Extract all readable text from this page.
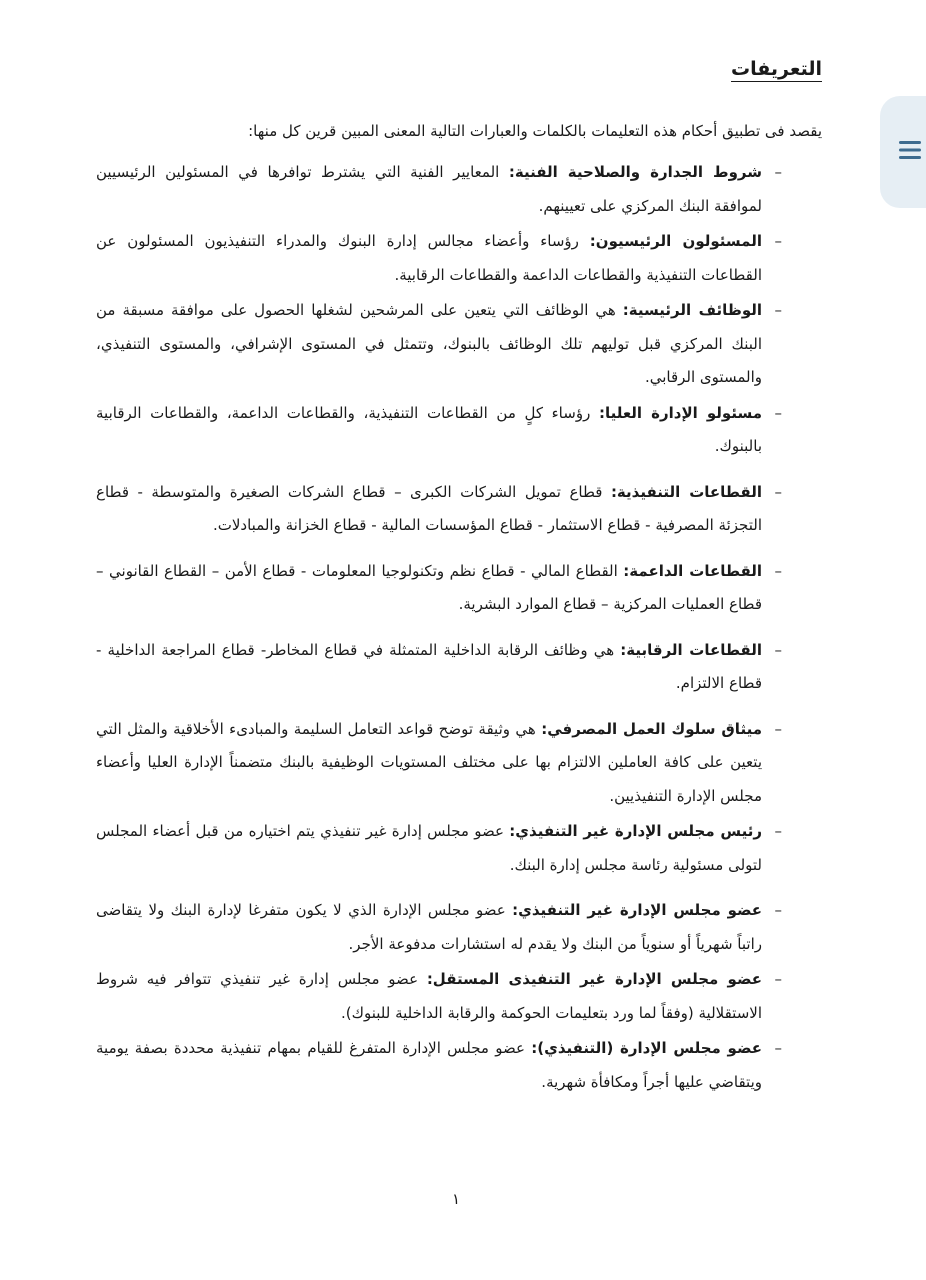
التعريفات
يقصد فى تطبيق أحكام هذه التعليمات بالكلمات والعبارات التالية المعنى المبين قرين كل منها:
–
شروط الجدارة والصلاحية الفنية: المعايير الفنية التي يشترط توافرها في المسئولين الرئيسيين لموافقة البنك المركزي على تعيينهم.
–
المسئولون الرئيسيون: رؤساء وأعضاء مجالس إدارة البنوك والمدراء التنفيذيون المسئولون عن القطاعات التنفيذية والقطاعات الداعمة والقطاعات الرقابية.
–
الوظائف الرئيسية: هي الوظائف التي يتعين على المرشحين لشغلها الحصول على موافقة مسبقة من البنك المركزي قبل توليهم تلك الوظائف بالبنوك، وتتمثل في المستوى الإشرافي، والمستوى التنفيذي، والمستوى الرقابي.
–
مسئولو الإدارة العليا: رؤساء كلٍ من القطاعات التنفيذية، والقطاعات الداعمة، والقطاعات الرقابية بالبنوك.
–
القطاعات التنفيذية: قطاع تمويل الشركات الكبرى – قطاع الشركات الصغيرة والمتوسطة - قطاع التجزئة المصرفية - قطاع الاستثمار - قطاع المؤسسات المالية - قطاع الخزانة والمبادلات.
–
القطاعات الداعمة: القطاع المالي - قطاع نظم وتكنولوجيا المعلومات - قطاع الأمن – القطاع القانوني – قطاع العمليات المركزية – قطاع الموارد البشرية.
–
القطاعات الرقابية: هي وظائف الرقابة الداخلية المتمثلة في قطاع المخاطر- قطاع المراجعة الداخلية - قطاع الالتزام.
–
ميثاق سلوك العمل المصرفي: هي وثيقة توضح قواعد التعامل السليمة والمبادىء الأخلاقية والمثل التي يتعين على كافة العاملين الالتزام بها على مختلف المستويات الوظيفية بالبنك متضمناً الإدارة العليا وأعضاء مجلس الإدارة التنفيذيين.
–
رئيس مجلس الإدارة غير التنفيذي: عضو مجلس إدارة غير تنفيذي يتم اختياره من قبل أعضاء المجلس لتولى مسئولية رئاسة مجلس إدارة البنك.
–
عضو مجلس الإدارة غير التنفيذي: عضو مجلس الإدارة الذي لا يكون متفرغا لإدارة البنك ولا يتقاضى راتباً شهرياً أو سنوياً من البنك ولا يقدم له استشارات مدفوعة الأجر.
–
عضو مجلس الإدارة غير التنفيذى المستقل: عضو مجلس إدارة غير تنفيذي تتوافر فيه شروط الاستقلالية (وفقاً لما ورد بتعليمات الحوكمة والرقابة الداخلية للبنوك).
–
عضو مجلس الإدارة (التنفيذي): عضو مجلس الإدارة المتفرغ للقيام بمهام تنفيذية محددة بصفة يومية ويتقاضي عليها أجراً ومكافأة شهرية.
١
